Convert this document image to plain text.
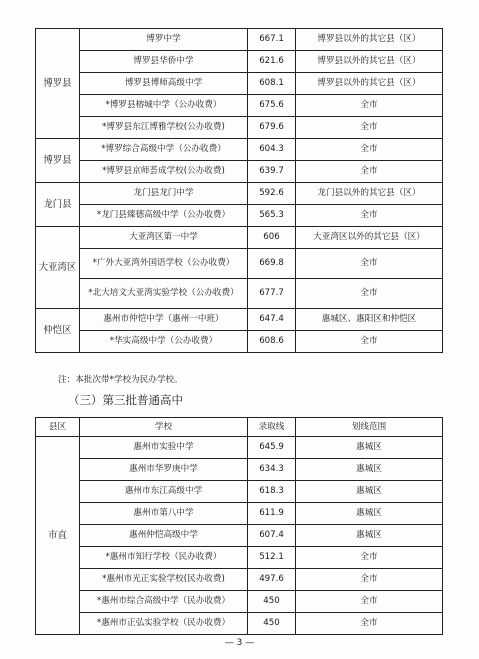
博罗县	博罗中学	667.1	博罗县以外的其它县（区）
	博罗县华侨中学	621.6	博罗县以外的其它县（区）
	博罗县博师高级中学	608.1	博罗县以外的其它县（区）
	*博罗县榕城中学（公办收费）	675.6	全市
	*博罗县东江博雅学校(公办收费)	679.6	全市
博罗县	*博罗综合高级中学（公办收费）	604.3	全市
	*博罗县京师荟成学校(公办收费)	639.7	全市
龙门县	龙门县龙门中学	592.6	龙门县以外的其它县（区）
	*龙门县臻德高级中学（公办收费）	565.3	全市
大亚湾区	大亚湾区第一中学	606	大亚湾区以外的其它县（区）
	*广外大亚湾外国语学校（公办收费）	669.8	全市
	*北大培文大亚湾实验学校（公办收费）	677.7	全市
仲恺区	惠州市仲恺中学（惠州一中班）	647.4	惠城区、惠阳区和仲恺区
	*华实高级中学（公办收费）	608.6	全市
注：本批次带*学校为民办学校。
（三）第三批普通高中
县区	学校	录取线	划线范围
市直	惠州市实验中学	645.9	惠城区
	惠州市华罗庚中学	634.3	惠城区
	惠州市东江高级中学	618.3	惠城区
	惠州市第八中学	611.9	惠城区
	惠州仲恺高级中学	607.4	惠城区
	*惠州市知行学校（民办收费）	512.1	全市
	*惠州市光正实验学校(民办收费)	497.6	全市
	*惠州市综合高级中学（民办收费）	450	全市
	*惠州市正弘实验学校（民办收费）	450	全市
— 3 —
